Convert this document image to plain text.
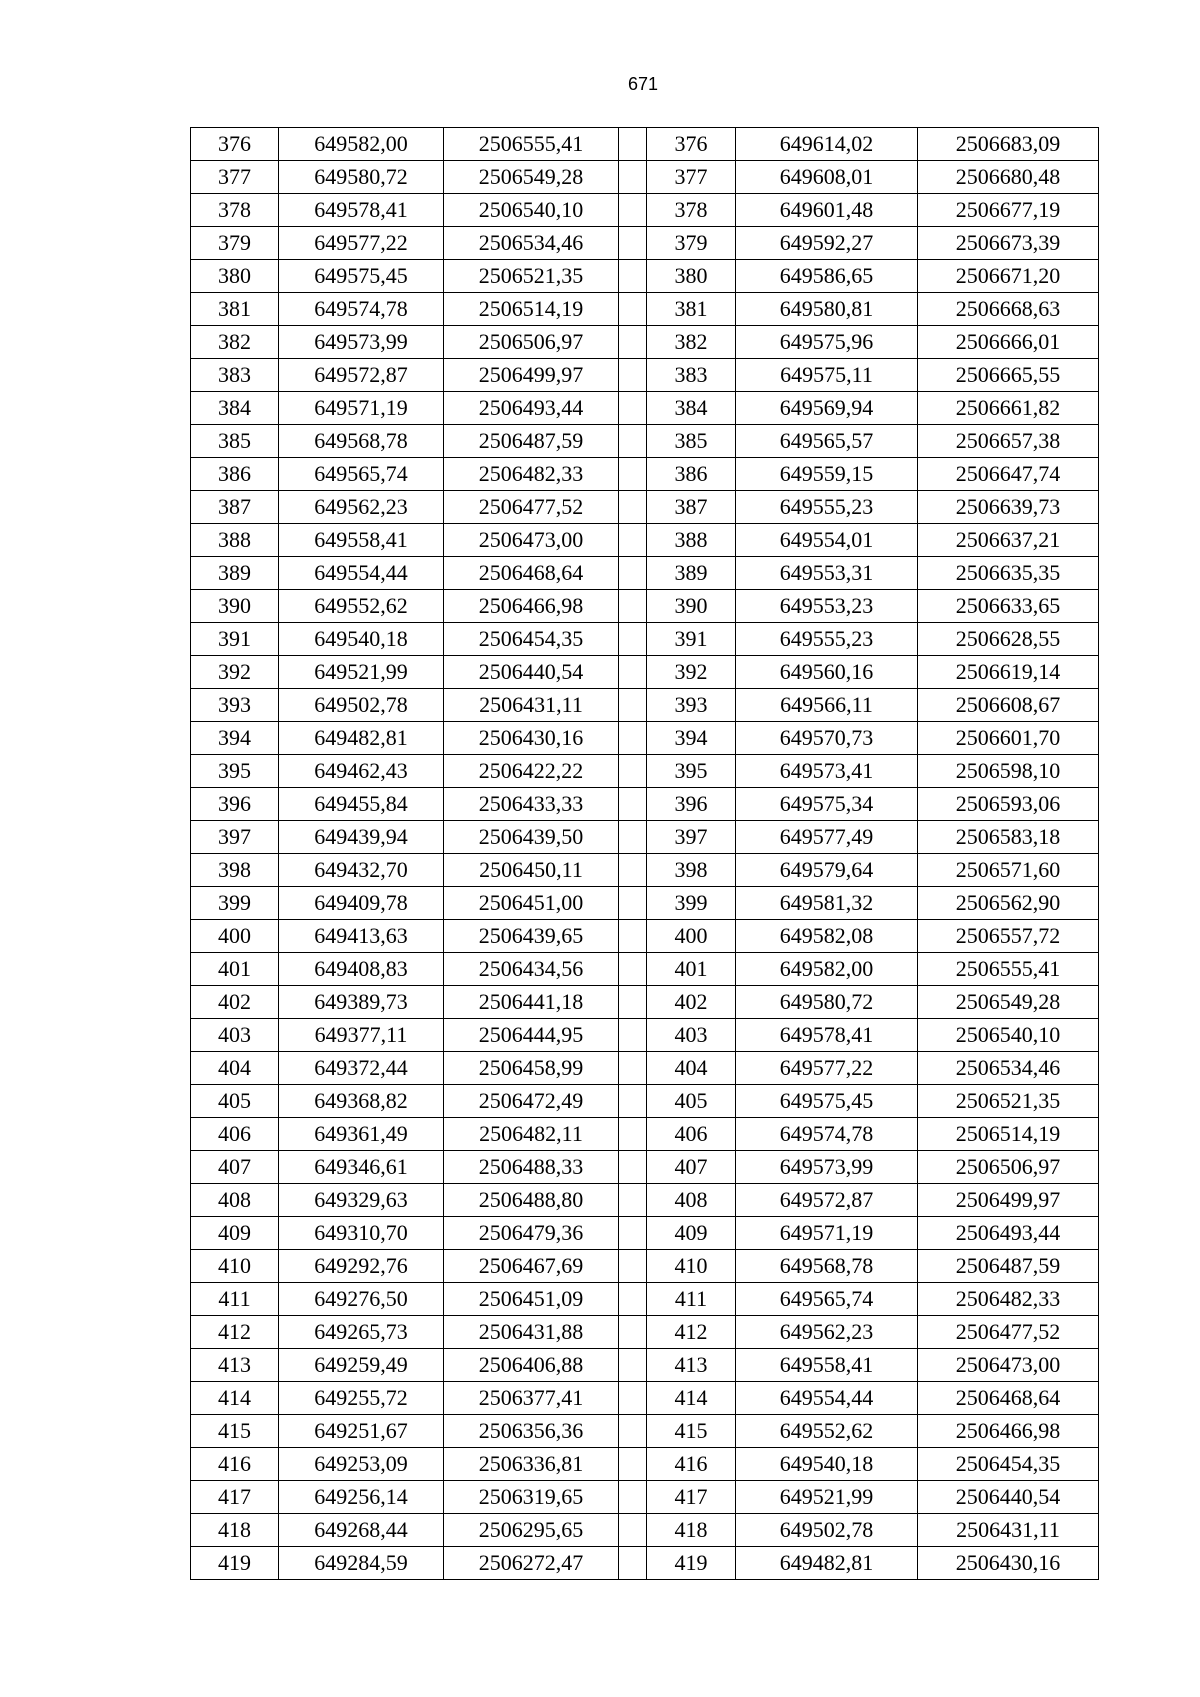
671
376	649582,00	2506555,41		376	649614,02	2506683,09
377	649580,72	2506549,28		377	649608,01	2506680,48
378	649578,41	2506540,10		378	649601,48	2506677,19
379	649577,22	2506534,46		379	649592,27	2506673,39
380	649575,45	2506521,35		380	649586,65	2506671,20
381	649574,78	2506514,19		381	649580,81	2506668,63
382	649573,99	2506506,97		382	649575,96	2506666,01
383	649572,87	2506499,97		383	649575,11	2506665,55
384	649571,19	2506493,44		384	649569,94	2506661,82
385	649568,78	2506487,59		385	649565,57	2506657,38
386	649565,74	2506482,33		386	649559,15	2506647,74
387	649562,23	2506477,52		387	649555,23	2506639,73
388	649558,41	2506473,00		388	649554,01	2506637,21
389	649554,44	2506468,64		389	649553,31	2506635,35
390	649552,62	2506466,98		390	649553,23	2506633,65
391	649540,18	2506454,35		391	649555,23	2506628,55
392	649521,99	2506440,54		392	649560,16	2506619,14
393	649502,78	2506431,11		393	649566,11	2506608,67
394	649482,81	2506430,16		394	649570,73	2506601,70
395	649462,43	2506422,22		395	649573,41	2506598,10
396	649455,84	2506433,33		396	649575,34	2506593,06
397	649439,94	2506439,50		397	649577,49	2506583,18
398	649432,70	2506450,11		398	649579,64	2506571,60
399	649409,78	2506451,00		399	649581,32	2506562,90
400	649413,63	2506439,65		400	649582,08	2506557,72
401	649408,83	2506434,56		401	649582,00	2506555,41
402	649389,73	2506441,18		402	649580,72	2506549,28
403	649377,11	2506444,95		403	649578,41	2506540,10
404	649372,44	2506458,99		404	649577,22	2506534,46
405	649368,82	2506472,49		405	649575,45	2506521,35
406	649361,49	2506482,11		406	649574,78	2506514,19
407	649346,61	2506488,33		407	649573,99	2506506,97
408	649329,63	2506488,80		408	649572,87	2506499,97
409	649310,70	2506479,36		409	649571,19	2506493,44
410	649292,76	2506467,69		410	649568,78	2506487,59
411	649276,50	2506451,09		411	649565,74	2506482,33
412	649265,73	2506431,88		412	649562,23	2506477,52
413	649259,49	2506406,88		413	649558,41	2506473,00
414	649255,72	2506377,41		414	649554,44	2506468,64
415	649251,67	2506356,36		415	649552,62	2506466,98
416	649253,09	2506336,81		416	649540,18	2506454,35
417	649256,14	2506319,65		417	649521,99	2506440,54
418	649268,44	2506295,65		418	649502,78	2506431,11
419	649284,59	2506272,47		419	649482,81	2506430,16
